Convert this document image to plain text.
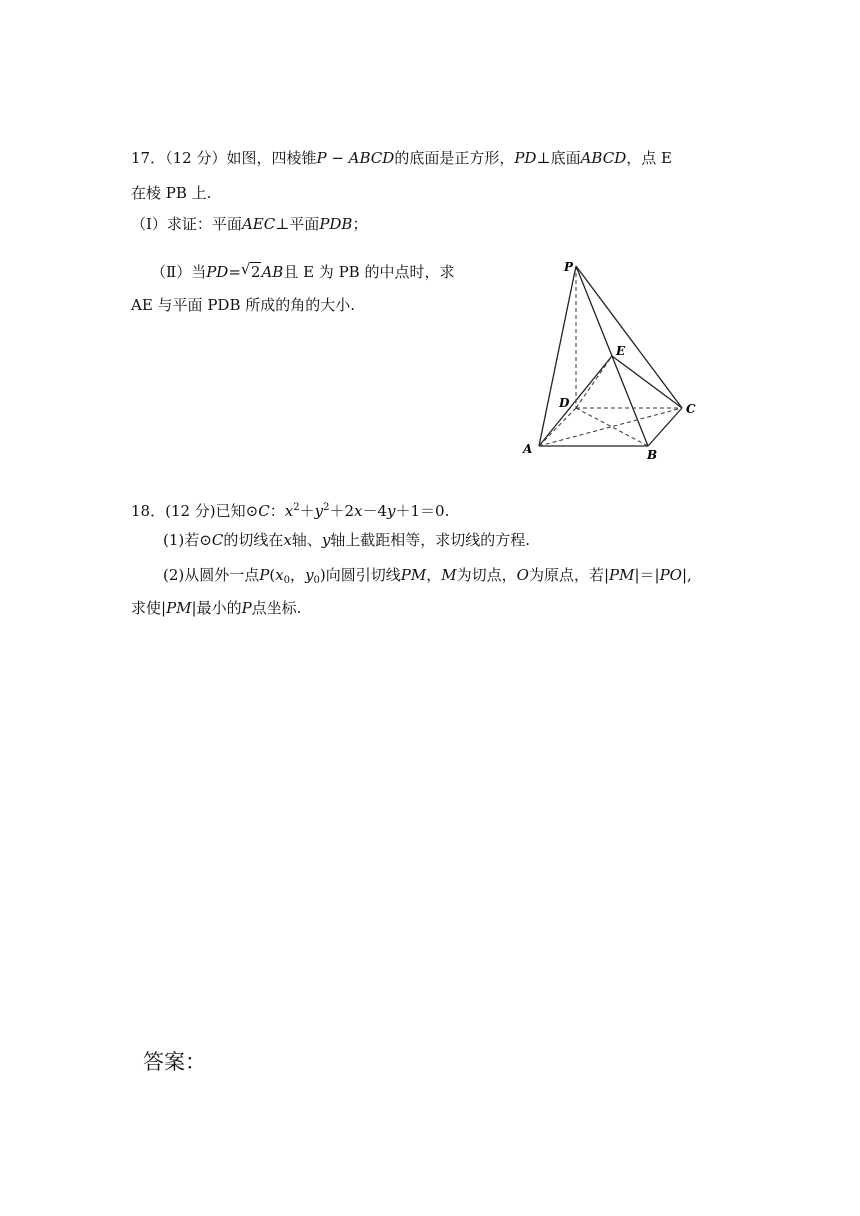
17．（12 分）如图，四棱锥P − ABCD的底面是正方形，PD⊥底面ABCD，点 E
在棱 PB 上.
（Ⅰ）求证：平面AEC⊥平面PDB；
（Ⅱ）当PD= √ 2AB且 E 为 PB 的中点时，求
AE 与平面 PDB 所成的角的大小.
P
E
D	C
A	B
18．(12 分)已知⊙C：$x^2+y^2+2x-4y+1=0$.
(1)若⊙C的切线在x轴、y轴上截距相等，求切线的方程.
(2)从圆外一点$P(x_0$，$y_0$)向圆引切线PM，M为切点，O为原点，若|PM|＝|PO|,
求使|PM|最小的P点坐标.
答案：
